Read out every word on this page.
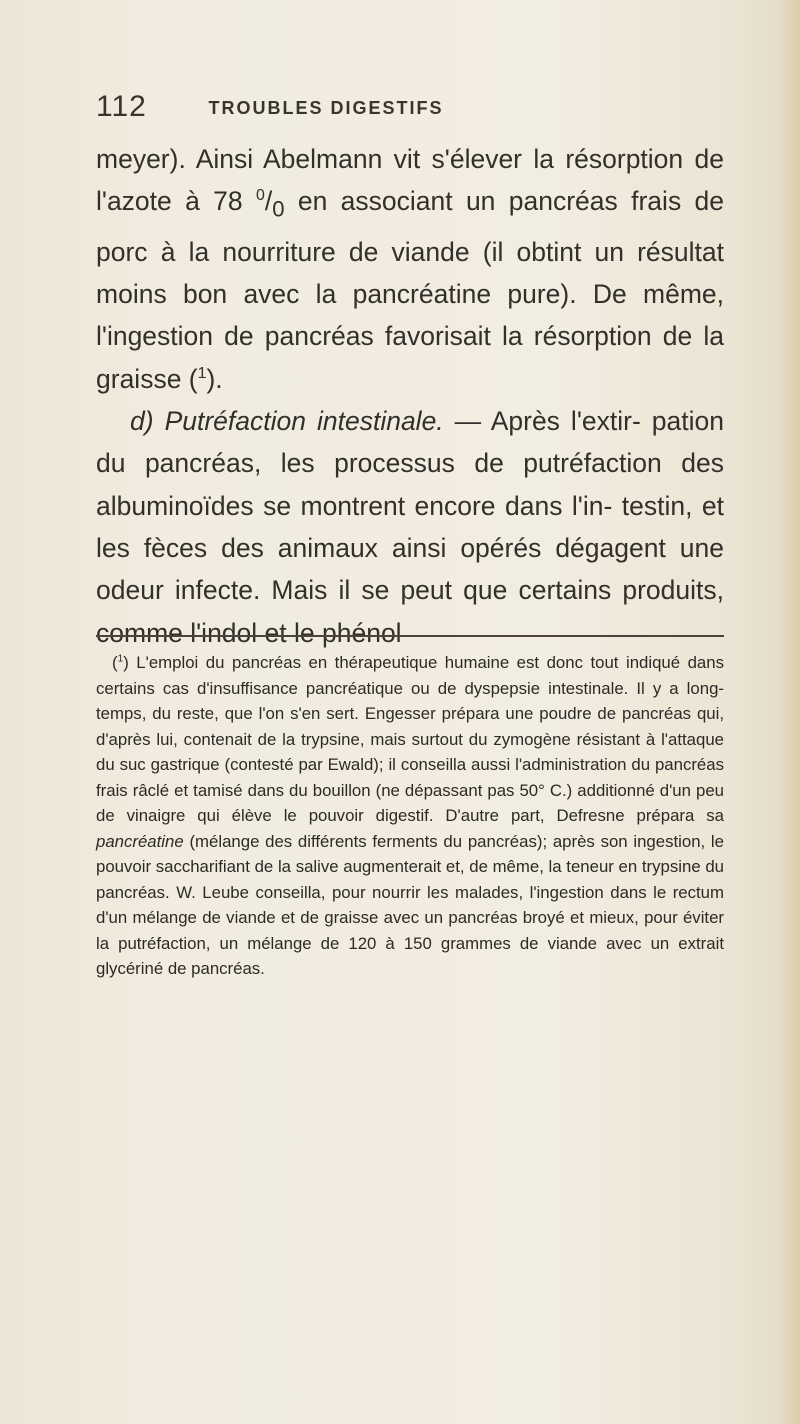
112	TROUBLES DIGESTIFS

meyer). Ainsi Abelmann vit s'élever la résorption de l'azote à 78 $^0/_0$ en associant un pancréas frais de porc à la nourriture de viande (il obtint un résultat moins bon avec la pancréatine pure). De même, l'ingestion de pancréas favorisait la résorption de la graisse ($^1$).

d) Putréfaction intestinale. — Après l'extir- pation du pancréas, les processus de putréfaction des albuminoïdes se montrent encore dans l'in- testin, et les fèces des animaux ainsi opérés dégagent une odeur infecte. Mais il se peut que certains produits, comme l'indol et le phénol

($^1$) L'emploi du pancréas en thérapeutique humaine est donc tout indiqué dans certains cas d'insuffisance pancréatique ou de dyspepsie intestinale. Il y a long-temps, du reste, que l'on s'en sert. Engesser prépara une poudre de pancréas qui, d'après lui, contenait de la trypsine, mais surtout du zymogène résistant à l'attaque du suc gastrique (contesté par Ewald); il conseilla aussi l'administration du pancréas frais râclé et tamisé dans du bouillon (ne dépassant pas 50° C.) additionné d'un peu de vinaigre qui élève le pouvoir digestif. D'autre part, Defresne prépara sa pancréatine (mélange des différents ferments du pancréas); après son ingestion, le pouvoir saccharifiant de la salive augmenterait et, de même, la teneur en trypsine du pancréas. W. Leube conseilla, pour nourrir les malades, l'ingestion dans le rectum d'un mélange de viande et de graisse avec un pancréas broyé et mieux, pour éviter la putréfaction, un mélange de 120 à 150 grammes de viande avec un extrait glycériné de pancréas.
